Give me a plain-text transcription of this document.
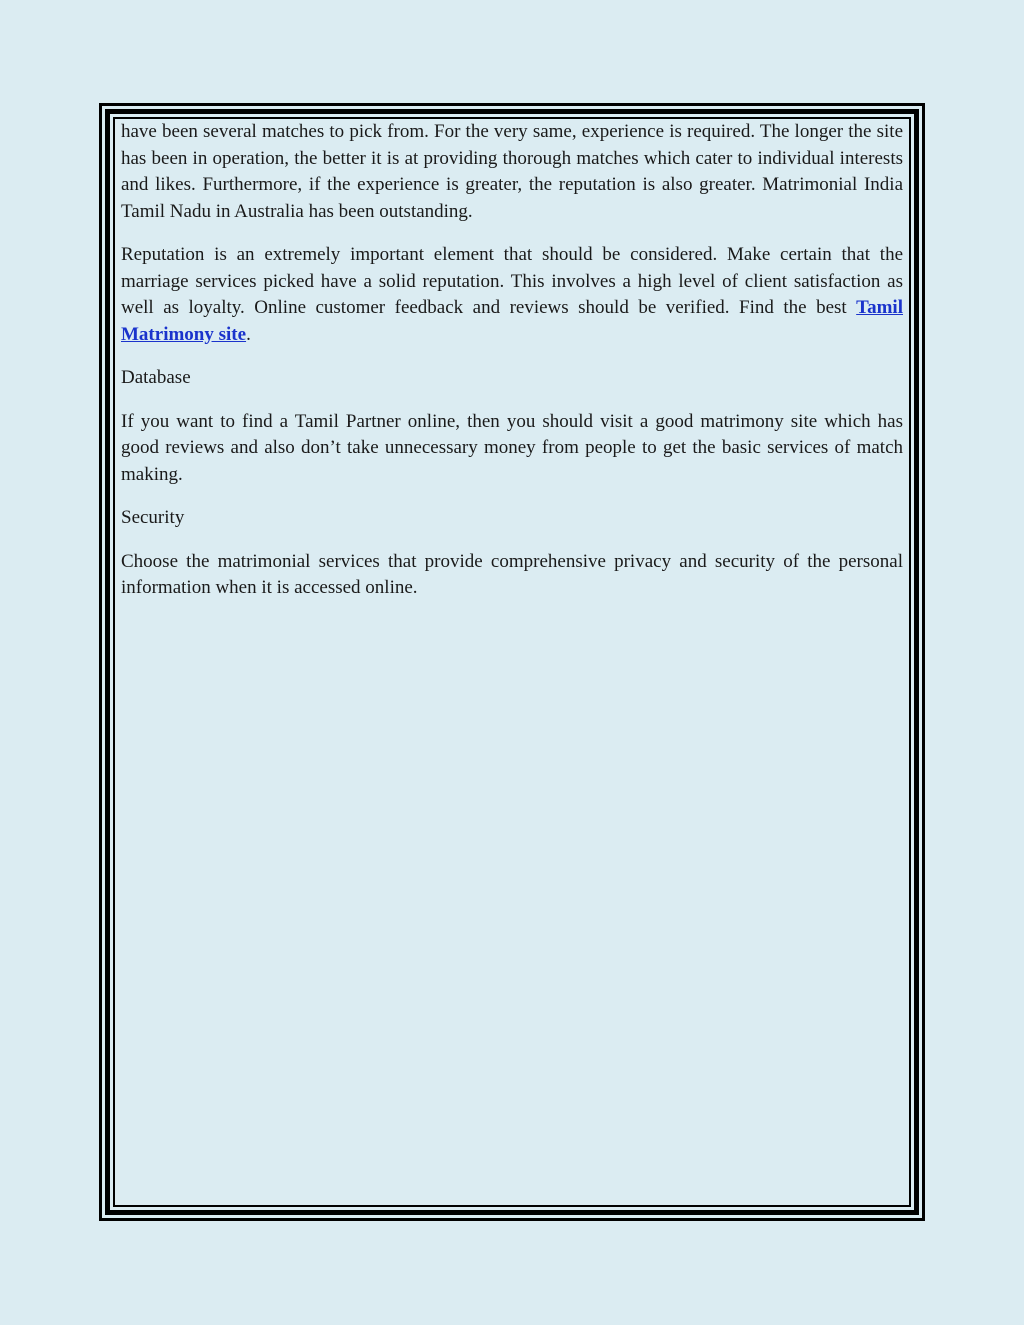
have been several matches to pick from. For the very same, experience is required. The longer the site has been in operation, the better it is at providing thorough matches which cater to individual interests and likes. Furthermore, if the experience is greater, the reputation is also greater. Matrimonial India Tamil Nadu in Australia has been outstanding.

Reputation is an extremely important element that should be considered. Make certain that the marriage services picked have a solid reputation. This involves a high level of client satisfaction as well as loyalty. Online customer feedback and reviews should be verified. Find the best Tamil Matrimony site.

Database

If you want to find a Tamil Partner online, then you should visit a good matrimony site which has good reviews and also don’t take unnecessary money from people to get the basic services of match making.

Security

Choose the matrimonial services that provide comprehensive privacy and security of the personal information when it is accessed online.
